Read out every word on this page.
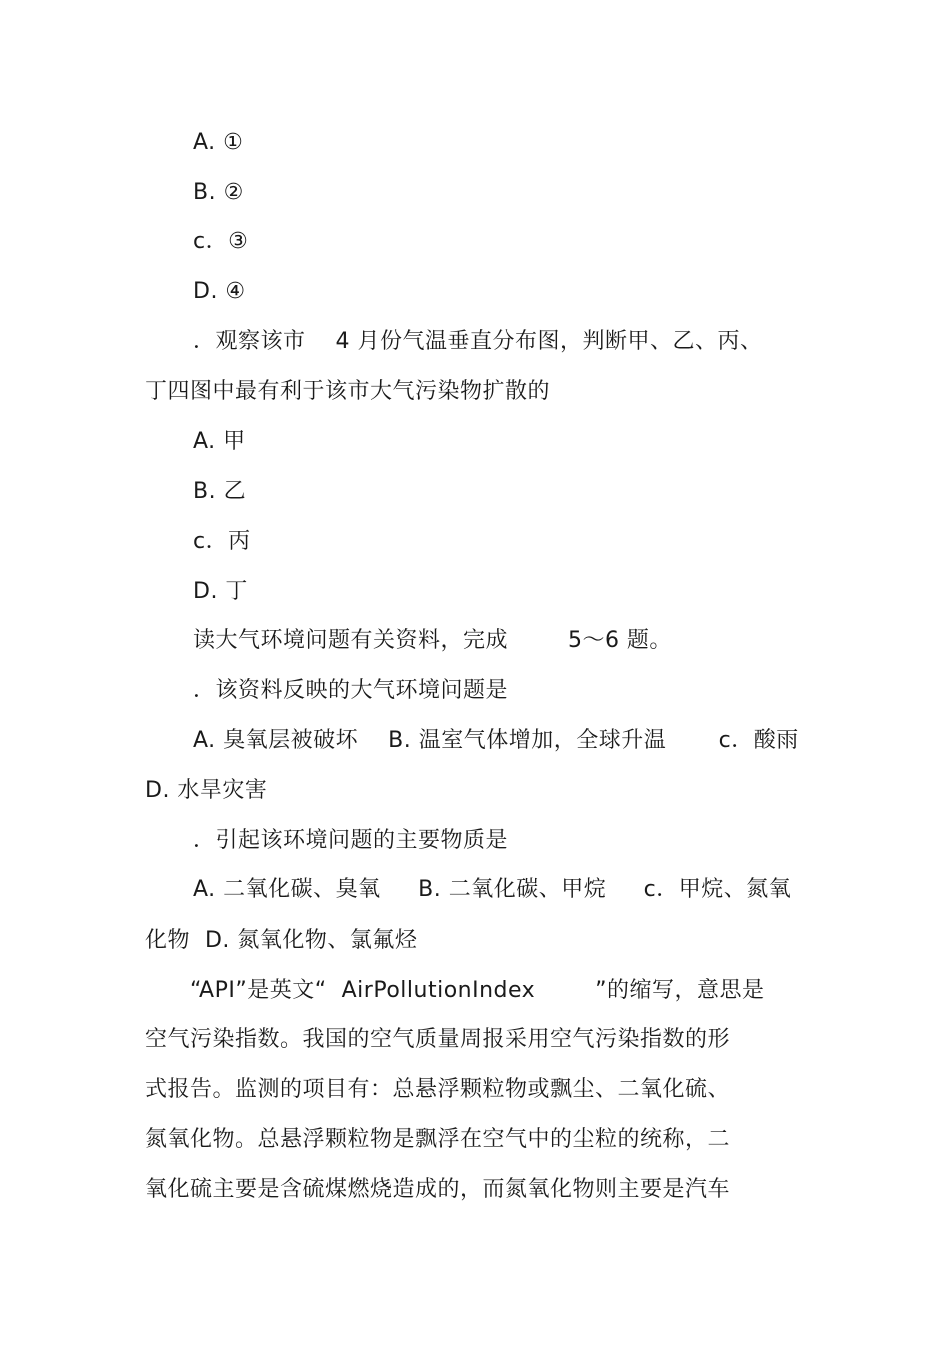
A. ①
B. ②
c．③
D. ④
．观察该市    4 月份气温垂直分布图，判断甲、乙、丙、
丁四图中最有利于该市大气污染物扩散的
A. 甲
B. 乙
c．丙
D. 丁
读大气环境问题有关资料，完成        5～6 题。
．该资料反映的大气环境问题是
A. 臭氧层被破坏    B. 温室气体增加，全球升温       c．酸雨
D. 水旱灾害
．引起该环境问题的主要物质是
A. 二氧化碳、臭氧     B. 二氧化碳、甲烷     c．甲烷、氮氧
化物  D. 氮氧化物、氯氟烃
“API”是英文“  AirPollutionIndex        ”的缩写，意思是
空气污染指数。我国的空气质量周报采用空气污染指数的形
式报告。监测的项目有：总悬浮颗粒物或飘尘、二氧化硫、
氮氧化物。总悬浮颗粒物是飘浮在空气中的尘粒的统称，二
氧化硫主要是含硫煤燃烧造成的，而氮氧化物则主要是汽车
